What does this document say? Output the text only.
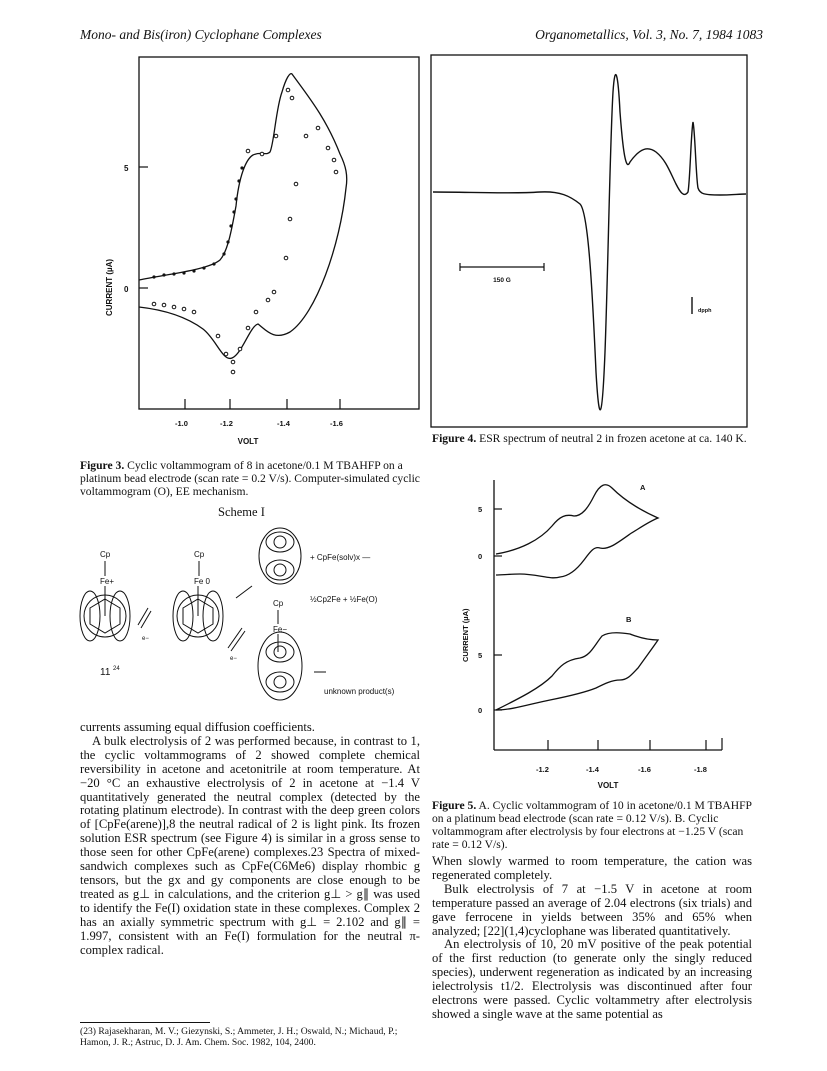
Mono- and Bis(iron) Cyclophane Complexes	Organometallics, Vol. 3, No. 7, 1984 1083
5
0
CURRENT (µA)
-1.0	-1.2	-1.4	-1.6
VOLT
Figure 3. Cyclic voltammogram of 8 in acetone/0.1 M TBAHFP on a platinum bead electrode (scan rate = 0.2 V/s). Computer-simulated cyclic voltammogram (O), EE mechanism.
Scheme I
Cp
Fe+
11 24
e−
Cp
Fe 0
e−
+ CpFe(solv)x —
½Cp2Fe + ½Fe(O)
Cp
Fe−
unknown product(s)

currents assuming equal diffusion coefficients.

A bulk electrolysis of 2 was performed because, in contrast to 1, the cyclic voltammograms of 2 showed complete chemical reversibility in acetone and acetonitrile at room temperature. At −20 °C an exhaustive electrolysis of 2 in acetone at −1.4 V quantitatively generated the neutral complex (detected by the rotating platinum electrode). In contrast with the deep green colors of [CpFe(arene)],8 the neutral radical of 2 is light pink. Its frozen solution ESR spectrum (see Figure 4) is similar in a gross sense to those seen for other CpFe(arene) complexes.23 Spectra of mixed-sandwich complexes such as CpFe(C6Me6) display rhombic g tensors, but the gx and gy components are close enough to be treated as g⊥ in calculations, and the criterion g⊥ > g∥ was used to identify the Fe(I) oxidation state in these complexes. Complex 2 has an axially symmetric spectrum with g⊥ = 2.102 and g∥ = 1.997, consistent with an Fe(I) formulation for the neutral π-complex radical.

(23) Rajasekharan, M. V.; Giezynski, S.; Ammeter, J. H.; Oswald, N.; Michaud, P.; Hamon, J. R.; Astruc, D. J. Am. Chem. Soc. 1982, 104, 2400.
150 G
dpph
Figure 4. ESR spectrum of neutral 2 in frozen acetone at ca. 140 K.
5
0
5
0
CURRENT (µA)
-1.2	-1.4	-1.6	-1.8
VOLT
A
B
Figure 5. A. Cyclic voltammogram of 10 in acetone/0.1 M TBAHFP on a platinum bead electrode (scan rate = 0.12 V/s). B. Cyclic voltammogram after electrolysis by four electrons at −1.25 V (scan rate = 0.12 V/s).

When slowly warmed to room temperature, the cation was regenerated completely.

Bulk electrolysis of 7 at −1.5 V in acetone at room temperature passed an average of 2.04 electrons (six trials) and gave ferrocene in yields between 35% and 65% when analyzed; [22](1,4)cyclophane was liberated quantitatively.

An electrolysis of 10, 20 mV positive of the peak potential of the first reduction (to generate only the singly reduced species), underwent regeneration as indicated by an increasing ielectrolysis t1/2. Electrolysis was discontinued after four electrons were passed. Cyclic voltammetry after electrolysis showed a single wave at the same potential as
